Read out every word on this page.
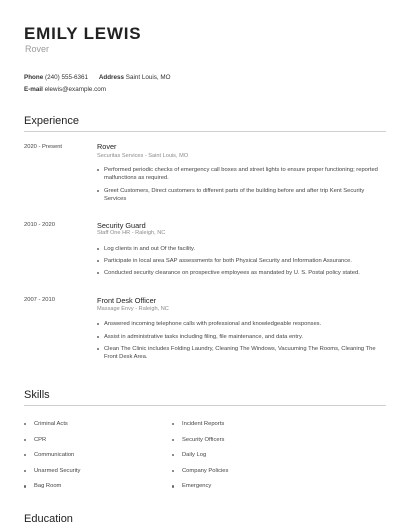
EMILY LEWIS
Rover
Phone (240) 555-6361 Address Saint Louis, MO
E-mail elewis@example.com
Experience
2020 - Present	Rover
Securitas Services - Saint Louis, MO
Performed periodic checks of emergency call boxes and street lights to ensure proper functioning; reported malfunctions as required.
Greet Customers, Direct customers to different parts of the building before and after trip Kent Security Services
2010 - 2020	Security Guard
Staff One HR - Raleigh, NC
Log clients in and out Of the facility.
Participate in local area SAP assessments for both Physical Security and Information Assurance.
Conducted security clearance on prospective employees as mandated by U. S. Postal policy stated.
2007 - 2010	Front Desk Officer
Massage Envy - Raleigh, NC
Answered incoming telephone calls with professional and knowledgeable responses.
Assist in administrative tasks including filing, file maintenance, and data entry.
Clean The Clinic includes Folding Laundry, Cleaning The Windows, Vacuuming The Rooms, Cleaning The Front Desk Area.
Skills
Criminal Acts
CPR
Communication
Unarmed Security
Bag Room
Incident Reports
Security Officers
Daily Log
Company Policies
Emergency
Education
